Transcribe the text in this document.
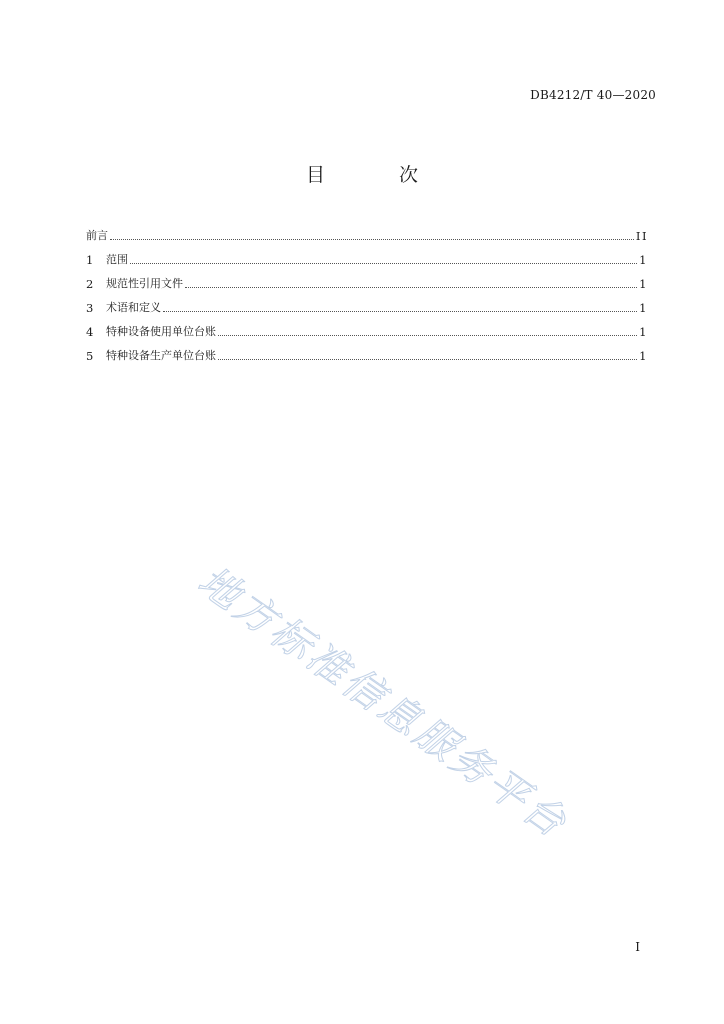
DB4212/T 40—2020
目 次
前言	II
1	范围	1
2	规范性引用文件	1
3	术语和定义	1
4	特种设备使用单位台账	1
5	特种设备生产单位台账	1
地方标准信息服务平台
I
